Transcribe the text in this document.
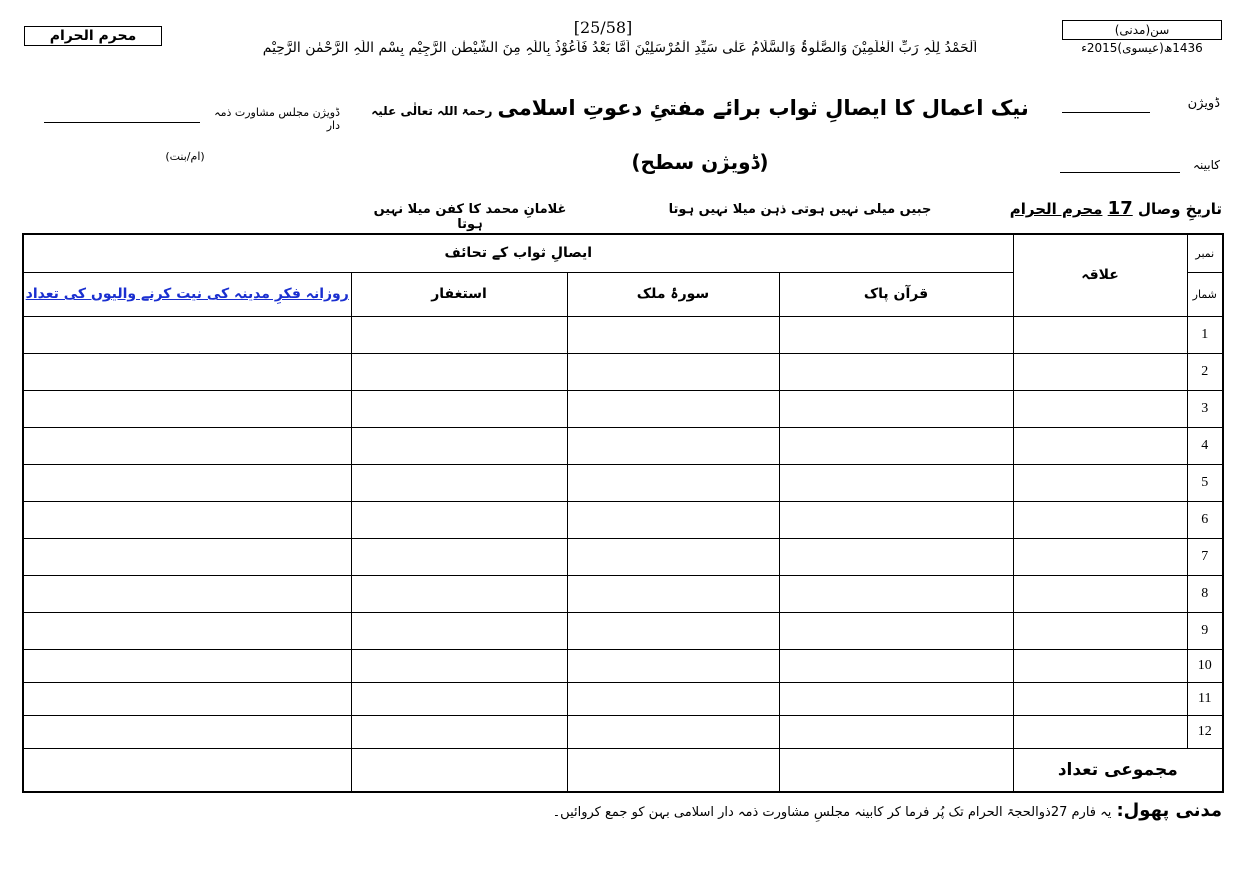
محرم الحرام	[25/58]	سن(مدنی) 1436ھ(عیسوی)2015ء
اَلْحَمْدُ لِلّٰہِ رَبِّ الْعٰلَمِیْنَ وَالصَّلٰوۃُ وَالسَّلَامُ عَلٰی سَیِّدِ الْمُرْسَلِیْنَ اَمَّا بَعْدُ فَاَعُوْذُ بِاللّٰہِ مِنَ الشَّیْطٰنِ الرَّجِیْمِ بِسْمِ اللّٰہِ الرَّحْمٰنِ الرَّحِیْمِ
ڈویژن
نیک اعمال کا ایصالِ ثواب برائے مفتئِ دعوتِ اسلامی رحمۃ اللہ تعالٰی علیہ
ڈویژن مجلس مشاورت ذمہ دار
(ام/بنت)	(ڈویژن سطح)	کابینہ
تاریخِ وصال 17 محرم الحرام
جبیں میلی نہیں ہوتی ذہن میلا نہیں ہوتا
غلامانِ محمد کا کفن میلا نہیں ہوتا
ایصالِ ثواب کے تحائف				علاقہ	نمبر
روزانہ فکرِ مدینہ کی نیت کرنے والیوں کی تعداد	استغفار	سورۂ ملک	قرآن پاک		شمار
					1
					2
					3
					4
					5
					6
					7
					8
					9
					10
					11
					12
				مجموعی تعداد	
مدنی پھول: یہ فارم 27ذوالحجۃ الحرام تک پُر فرما کر کابینہ مجلسِ مشاورت ذمہ دار اسلامی بہن کو جمع کروائیں۔
